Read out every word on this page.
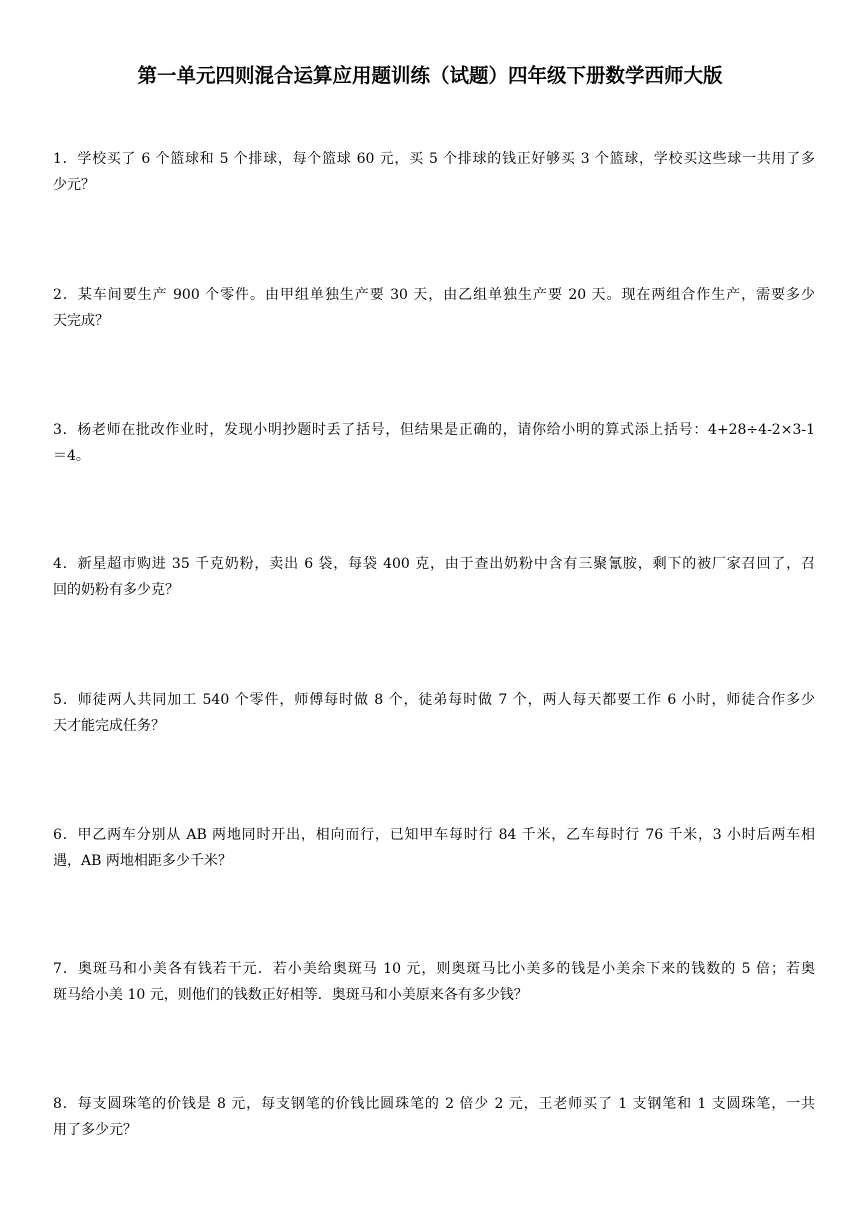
第一单元四则混合运算应用题训练（试题）四年级下册数学西师大版
1．学校买了 6 个篮球和 5 个排球，每个篮球 60 元，买 5 个排球的钱正好够买 3 个篮球，学校买这些球一共用了多
少元？
2．某车间要生产 900 个零件。由甲组单独生产要 30 天，由乙组单独生产要 20 天。现在两组合作生产，需要多少
天完成？
3．杨老师在批改作业时，发现小明抄题时丢了括号，但结果是正确的，请你给小明的算式添上括号：4+28÷4-2×3-1
＝4。
4．新星超市购进 35 千克奶粉，卖出 6 袋，每袋 400 克，由于查出奶粉中含有三聚氰胺，剩下的被厂家召回了，召
回的奶粉有多少克？
5．师徒两人共同加工 540 个零件，师傅每时做 8 个，徒弟每时做 7 个，两人每天都要工作 6 小时，师徒合作多少
天才能完成任务？
6．甲乙两车分别从 AB 两地同时开出，相向而行，已知甲车每时行 84 千米，乙车每时行 76 千米，3 小时后两车相
遇，AB 两地相距多少千米？
7．奥斑马和小美各有钱若干元．若小美给奥斑马 10 元，则奥斑马比小美多的钱是小美余下来的钱数的 5 倍；若奥
斑马给小美 10 元，则他们的钱数正好相等．奥斑马和小美原来各有多少钱？
8．每支圆珠笔的价钱是 8 元，每支钢笔的价钱比圆珠笔的 2 倍少 2 元，王老师买了 1 支钢笔和 1 支圆珠笔，一共
用了多少元？
